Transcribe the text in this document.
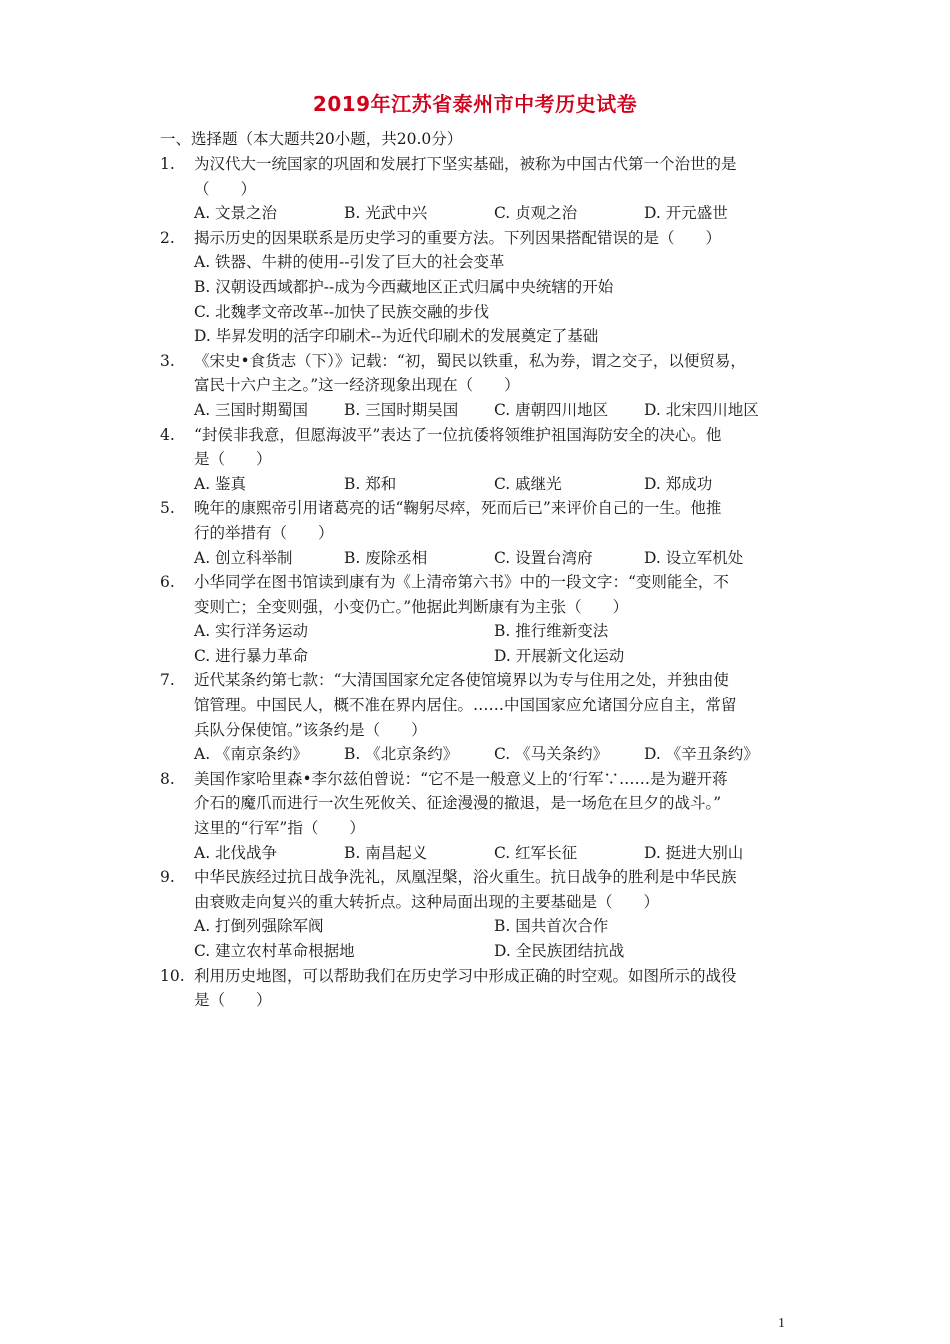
2019年江苏省泰州市中考历史试卷
一、选择题（本大题共20小题，共20.0分）
1.	为汉代大一统国家的巩固和发展打下坚实基础，被称为中国古代第一个治世的是
（　　）
A. 文景之治	B. 光武中兴	C. 贞观之治	D. 开元盛世
2.	揭示历史的因果联系是历史学习的重要方法。下列因果搭配错误的是（　　）
A. 铁器、牛耕的使用--引发了巨大的社会变革
B. 汉朝设西域都护--成为今西藏地区正式归属中央统辖的开始
C. 北魏孝文帝改革--加快了民族交融的步伐
D. 毕昇发明的活字印刷术--为近代印刷术的发展奠定了基础
3.	《宋史•食货志（下）》记载：“初，蜀民以铁重，私为券，谓之交子，以便贸易，
富民十六户主之。”这一经济现象出现在（　　）
A. 三国时期蜀国	B. 三国时期吴国	C. 唐朝四川地区	D. 北宋四川地区
4.	“封侯非我意，但愿海波平”表达了一位抗倭将领维护祖国海防安全的决心。他
是（　　）
A. 鉴真	B. 郑和	C. 戚继光	D. 郑成功
5.	晚年的康熙帝引用诸葛亮的话“鞠躬尽瘁，死而后已”来评价自己的一生。他推
行的举措有（　　）
A. 创立科举制	B. 废除丞相	C. 设置台湾府	D. 设立军机处
6.	小华同学在图书馆读到康有为《上清帝第六书》中的一段文字：“变则能全，不
变则亡；全变则强，小变仍亡。”他据此判断康有为主张（　　）
A. 实行洋务运动	B. 推行维新变法
C. 进行暴力革命	D. 开展新文化运动
7.	近代某条约第七款：“大清国国家允定各使馆境界以为专与住用之处，并独由使
馆管理。中国民人，概不准在界内居住。……中国国家应允诸国分应自主，常留
兵队分保使馆。”该条约是（　　）
A. 《南京条约》	B. 《北京条约》	C. 《马关条约》	D. 《辛丑条约》
8.	美国作家哈里森•李尔兹伯曾说：“它不是一般意义上的‘行军∵……是为避开蒋
介石的魔爪而进行一次生死攸关、征途漫漫的撤退，是一场危在旦夕的战斗。”
这里的“行军”指（　　）
A. 北伐战争	B. 南昌起义	C. 红军长征	D. 挺进大别山
9.	中华民族经过抗日战争洗礼，凤凰涅槃，浴火重生。抗日战争的胜利是中华民族
由衰败走向复兴的重大转折点。这种局面出现的主要基础是（　　）
A. 打倒列强除军阀	B. 国共首次合作
C. 建立农村革命根据地	D. 全民族团结抗战
10. 利用历史地图，可以帮助我们在历史学习中形成正确的时空观。如图所示的战役
是（　　）
1
